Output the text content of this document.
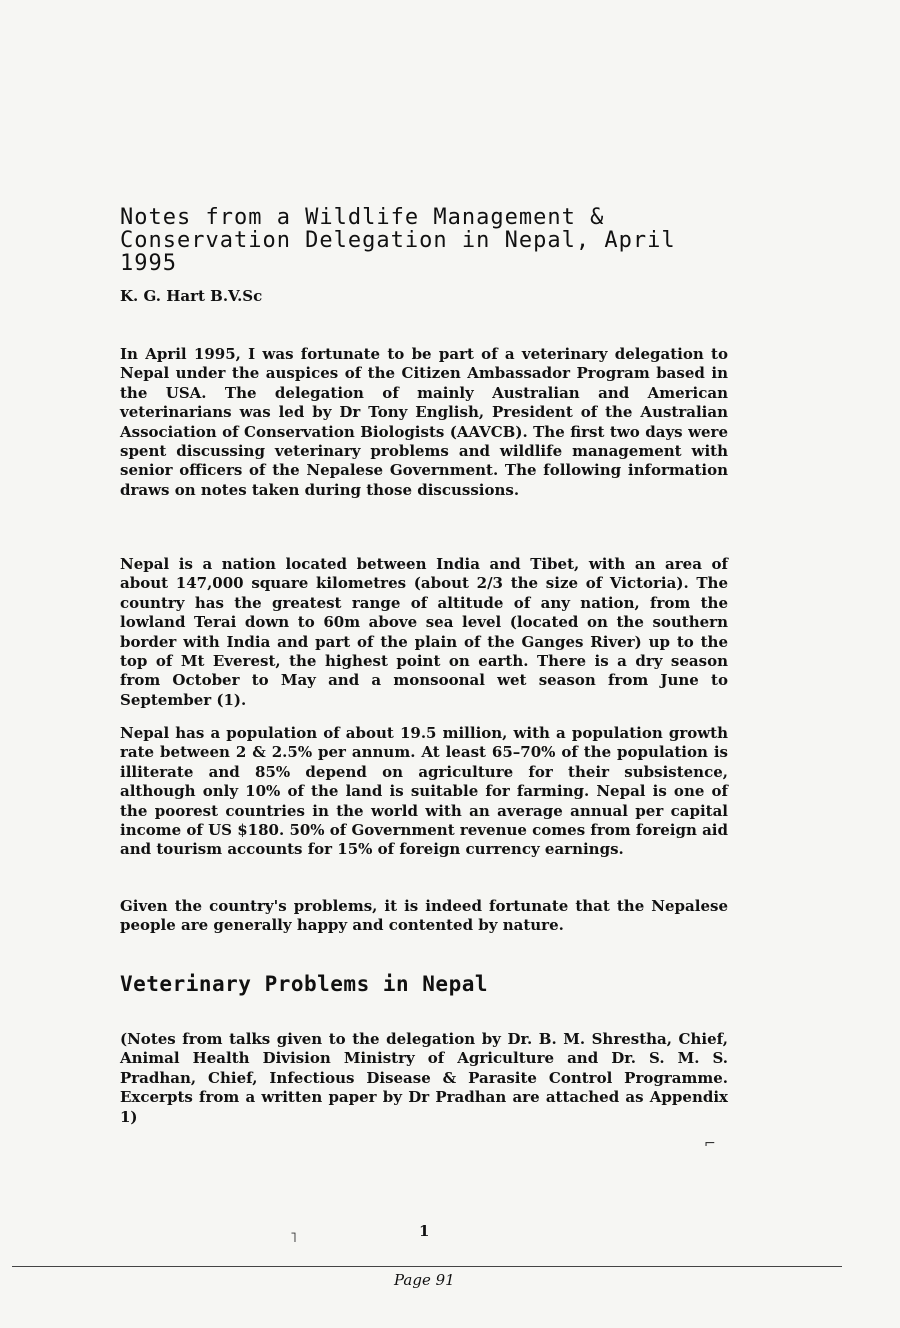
Notes from a Wildlife Management & Conservation Delegation in Nepal, April 1995

K. G. Hart B.V.Sc

In April 1995, I was fortunate to be part of a veterinary delegation to Nepal under the auspices of the Citizen Ambassador Program based in the USA. The delegation of mainly Australian and American veterinarians was led by Dr Tony English, President of the Australian Association of Conservation Biologists (AAVCB). The first two days were spent discussing veterinary problems and wildlife management with senior officers of the Nepalese Government. The following information draws on notes taken during those discussions.

Nepal is a nation located between India and Tibet, with an area of about 147,000 square kilometres (about 2/3 the size of Victoria). The country has the greatest range of altitude of any nation, from the lowland Terai down to 60m above sea level (located on the southern border with India and part of the plain of the Ganges River) up to the top of Mt Everest, the highest point on earth. There is a dry season from October to May and a monsoonal wet season from June to September (1).

Nepal has a population of about 19.5 million, with a population growth rate between 2 & 2.5% per annum. At least 65–70% of the population is illiterate and 85% depend on agriculture for their subsistence, although only 10% of the land is suitable for farming. Nepal is one of the poorest countries in the world with an average annual per capital income of US $180. 50% of Government revenue comes from foreign aid and tourism accounts for 15% of foreign currency earnings.

Given the country's problems, it is indeed fortunate that the Nepalese people are generally happy and contented by nature.

Veterinary Problems in Nepal

(Notes from talks given to the delegation by Dr. B. M. Shrestha, Chief, Animal Health Division Ministry of Agriculture and Dr. S. M. S. Pradhan, Chief, Infectious Disease & Parasite Control Programme. Excerpts from a written paper by Dr Pradhan are attached as Appendix 1)

⌐
˥	1

Page 91
